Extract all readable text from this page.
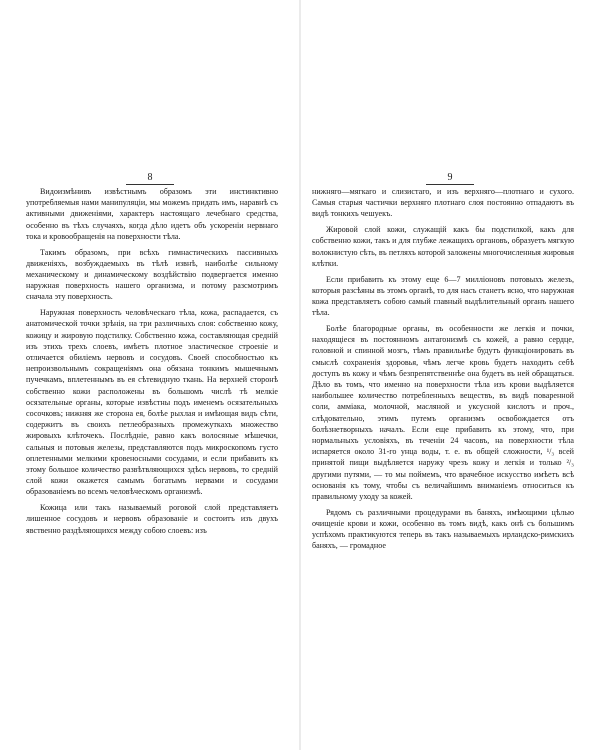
8

Видоизмѣнивъ извѣстнымъ образомъ эти инстинктивно употребляемыя нами манипуляціи, мы можемъ придать имъ, наравнѣ съ активными движеніями, характеръ настоящаго лечебнаго средства, особенно въ тѣхъ случаяхъ, когда дѣло идетъ объ ускореніи нервнаго тока и кровообращенія на поверхности тѣла.

Такимъ образомъ, при всѣхъ гимнастическихъ пассивныхъ движеніяхъ, возбуждаемыхъ въ тѣлѣ извнѣ, наиболѣе сильному механическому и динамическому воздѣйствію подвергается именно наружная поверхность нашего организма, и потому разсмотримъ сначала эту поверхность.

Наружная поверхность человѣческаго тѣла, кожа, распадается, съ анатомической точки зрѣнія, на три различныхъ слоя: собственно кожу, кожицу и жировую подстилку. Собственно кожа, составляющая средній изъ этихъ трехъ слоевъ, имѣетъ плотное эластическое строеніе и отличается обиліемъ нервовъ и сосудовъ. Своей способностью къ непроизвольнымъ сокращеніямъ она обязана тонкимъ мышечнымъ пучечкамъ, вплетеннымъ въ ея сѣтевидную ткань. На верхней сторонѣ собственно кожи расположены въ большомъ числѣ тѣ мелкіе осязательные органы, которые извѣстны подъ именемъ осязательныхъ сосочковъ; нижняя же сторона ея, болѣе рыхлая и имѣющая видъ сѣти, содержитъ въ своихъ петлеобразныхъ промежуткахъ множество жировыхъ клѣточекъ. Послѣдніе, равно какъ волосяные мѣшечки, сальныя и потовыя железы, представляются подъ микроскопомъ густо оплетенными мелкими кровеносными сосудами, и если прибавить къ этому большое количество развѣтвляющихся здѣсь нервовъ, то средній слой кожи окажется самымъ богатымъ нервами и сосудами образованіемъ во всемъ человѣческомъ организмѣ.

Кожица или такъ называемый роговой слой представляетъ лишенное сосудовъ и нервовъ образованіе и состоитъ изъ двухъ явственно раздѣляющихся между собою слоевъ: изъ

9

нижняго—мягкаго и слизистаго, и изъ верхняго—плотнаго и сухого. Самыя старыя частички верхняго плотнаго слоя постоянно отпадаютъ въ видѣ тонкихъ чешуекъ.

Жировой слой кожи, служащій какъ бы подстилкой, какъ для собственно кожи, такъ и для глубже лежащихъ органовъ, образуетъ мягкую волокнистую сѣть, въ петляхъ которой заложены многочисленныя жировыя клѣтки.

Если прибавить къ этому еще 6—7 милліоновъ потовыхъ железъ, которыя разсѣяны въ этомъ органѣ, то для насъ станетъ ясно, что наружная кожа представляетъ собою самый главный выдѣлительный органъ нашего тѣла.

Болѣе благородные органы, въ особенности же легкія и почки, находящіеся въ постоянномъ антагонизмѣ съ кожей, а равно сердце, головной и спинной мозгъ, тѣмъ правильнѣе будутъ функціонировать въ смыслѣ сохраненія здоровья, чѣмъ легче кровь будетъ находить себѣ доступъ въ кожу и чѣмъ безпрепятственнѣе она будетъ въ ней обращаться. Дѣло въ томъ, что именно на поверхности тѣла изъ крови выдѣляется наибольшее количество потребленныхъ веществъ, въ видѣ поваренной соли, амміака, молочной, масляной и уксусной кислотъ и проч., слѣдовательно, этимъ путемъ организмъ освобождается отъ болѣзнетворныхъ началъ. Если еще прибавить къ этому, что, при нормальныхъ условіяхъ, въ теченіи 24 часовъ, на поверхности тѣла испаряется около 31-го унца воды, т. е. въ общей сложности, ¹/₃ всей принятой пищи выдѣляется наружу чрезъ кожу и легкія и только ²/₃ другими путями, — то мы поймемъ, что врачебное искусство имѣетъ всѣ основанія къ тому, чтобы съ величайшимъ вниманіемъ относиться къ правильному уходу за кожей.

Рядомъ съ различными процедурами въ баняхъ, имѣющими цѣлью очищеніе крови и кожи, особенно въ томъ видѣ, какъ онѣ съ большимъ успѣхомъ практикуются теперь въ такъ называемыхъ ирландско-римскихъ баняхъ, — громадное
